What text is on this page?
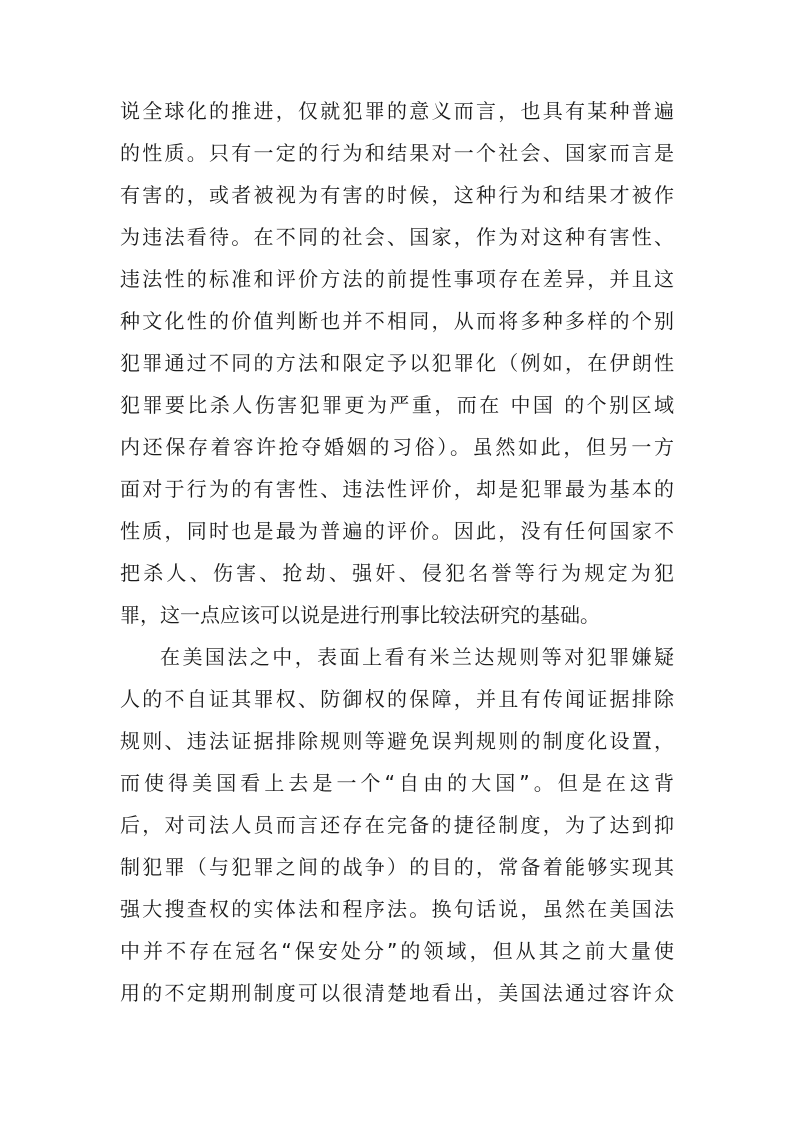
说全球化的推进，仅就犯罪的意义而言，也具有某种普遍
的性质。只有一定的行为和结果对一个社会、国家而言是
有害的，或者被视为有害的时候，这种行为和结果才被作
为违法看待。在不同的社会、国家，作为对这种有害性、
违法性的标准和评价方法的前提性事项存在差异，并且这
种文化性的价值判断也并不相同，从而将多种多样的个别
犯罪通过不同的方法和限定予以犯罪化（例如，在伊朗性
犯罪要比杀人伤害犯罪更为严重，而在 中国 的个别区域
内还保存着容许抢夺婚姻的习俗）。虽然如此，但另一方
面对于行为的有害性、违法性评价，却是犯罪最为基本的
性质，同时也是最为普遍的评价。因此，没有任何国家不
把杀人、伤害、抢劫、强奸、侵犯名誉等行为规定为犯
罪，这一点应该可以说是进行刑事比较法研究的基础。
在美国法之中，表面上看有米兰达规则等对犯罪嫌疑
人的不自证其罪权、防御权的保障，并且有传闻证据排除
规则、违法证据排除规则等避免误判规则的制度化设置，
而使得美国看上去是一个“自由的大国”。但是在这背
后，对司法人员而言还存在完备的捷径制度，为了达到抑
制犯罪（与犯罪之间的战争）的目的，常备着能够实现其
强大搜查权的实体法和程序法。换句话说，虽然在美国法
中并不存在冠名“保安处分”的领域，但从其之前大量使
用的不定期刑制度可以很清楚地看出，美国法通过容许众
